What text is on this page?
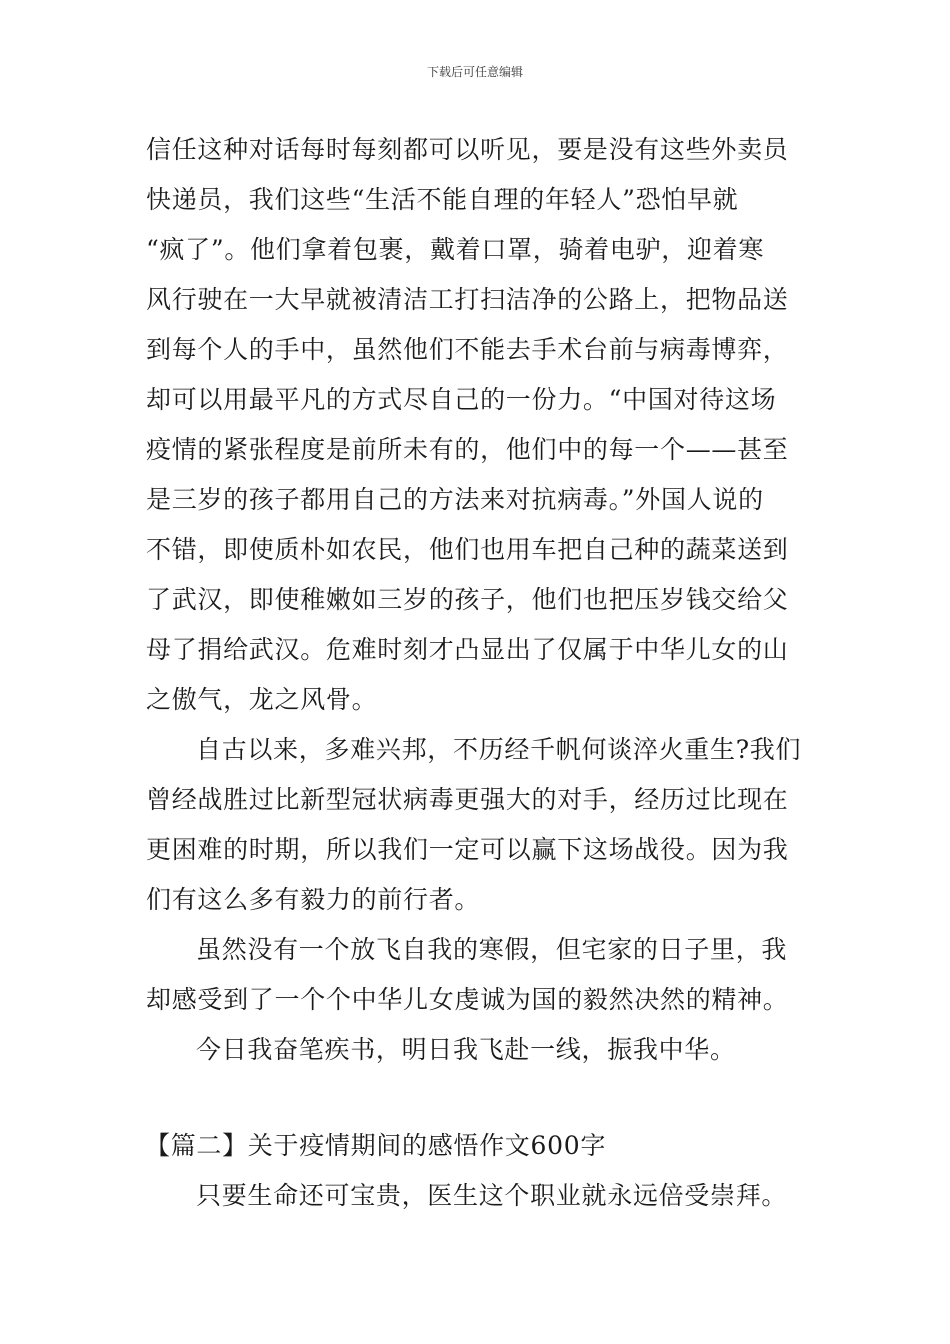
下载后可任意编辑
信任这种对话每时每刻都可以听见，要是没有这些外卖员
快递员，我们这些“生活不能自理的年轻人”恐怕早就
“疯了”。他们拿着包裹，戴着口罩，骑着电驴，迎着寒
风行驶在一大早就被清洁工打扫洁净的公路上，把物品送
到每个人的手中，虽然他们不能去手术台前与病毒博弈，
却可以用最平凡的方式尽自己的一份力。“中国对待这场
疫情的紧张程度是前所未有的，他们中的每一个——甚至
是三岁的孩子都用自己的方法来对抗病毒。”外国人说的
不错，即使质朴如农民，他们也用车把自己种的蔬菜送到
了武汉，即使稚嫩如三岁的孩子，他们也把压岁钱交给父
母了捐给武汉。危难时刻才凸显出了仅属于中华儿女的山
之傲气，龙之风骨。
自古以来，多难兴邦，不历经千帆何谈淬火重生?我们
曾经战胜过比新型冠状病毒更强大的对手，经历过比现在
更困难的时期，所以我们一定可以赢下这场战役。因为我
们有这么多有毅力的前行者。
虽然没有一个放飞自我的寒假，但宅家的日子里，我
却感受到了一个个中华儿女虔诚为国的毅然决然的精神。
今日我奋笔疾书，明日我飞赴一线，振我中华。
【篇二】关于疫情期间的感悟作文600字
只要生命还可宝贵，医生这个职业就永远倍受崇拜。
